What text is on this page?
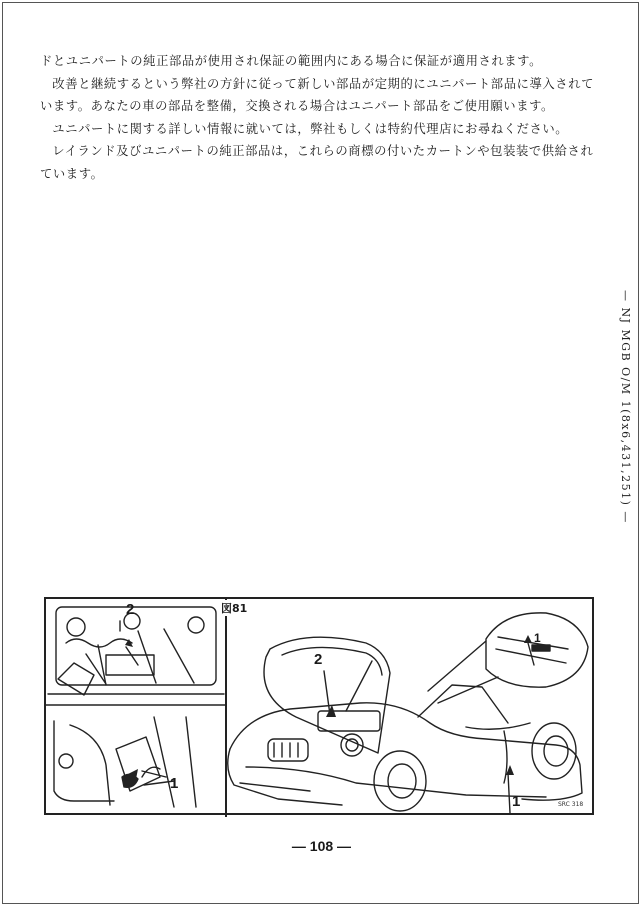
ドとユニパートの純正部品が使用され保証の範囲内にある場合に保証が適用されます。

改善と継続するという弊社の方針に従って新しい部品が定期的にユニパート部品に導入されています。あなたの車の部品を整備，交換される場合はユニパート部品をご使用願います。

ユニパートに関する詳しい情報に就いては，弊社もしくは特約代理店にお尋ねください。

レイランド及びユニパートの純正部品は，これらの商標の付いたカートンや包装装で供給されています。

— NJ MGB O/M 1(8x6,431,251) —
図81
2
1
2
1
1
SRC 318
— 108 —
